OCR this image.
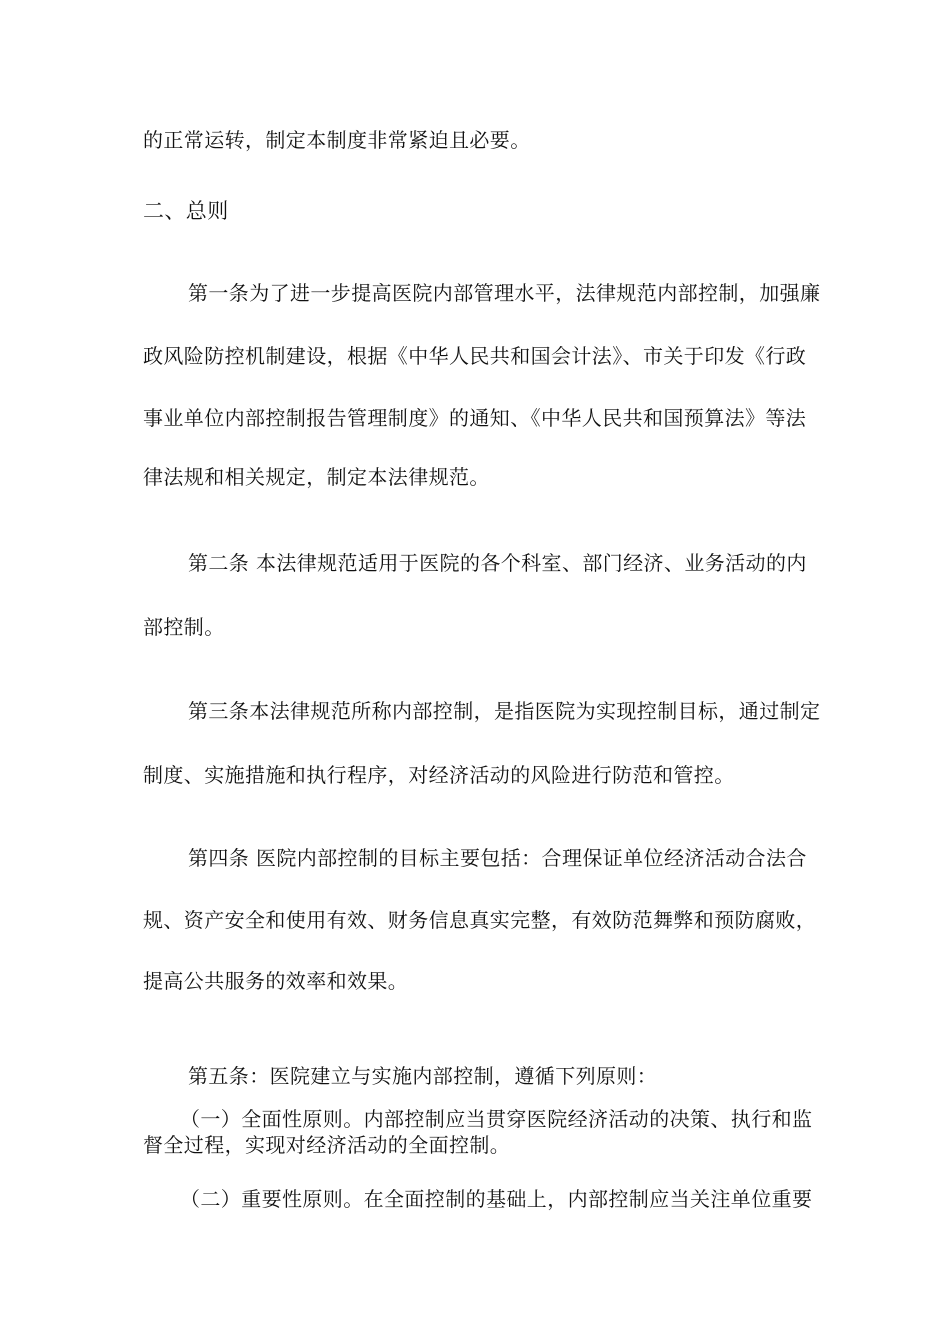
的正常运转，制定本制度非常紧迫且必要。
二、总则
第一条为了进一步提高医院内部管理水平，法律规范内部控制，加强廉
政风险防控机制建设，根据《中华人民共和国会计法》、市关于印发《行政
事业单位内部控制报告管理制度》的通知、《中华人民共和国预算法》等法
律法规和相关规定，制定本法律规范。
第二条 本法律规范适用于医院的各个科室、部门经济、业务活动的内
部控制。
第三条本法律规范所称内部控制，是指医院为实现控制目标，通过制定
制度、实施措施和执行程序，对经济活动的风险进行防范和管控。
第四条 医院内部控制的目标主要包括：合理保证单位经济活动合法合
规、资产安全和使用有效、财务信息真实完整，有效防范舞弊和预防腐败，
提高公共服务的效率和效果。
第五条：医院建立与实施内部控制，遵循下列原则：
（一）全面性原则。内部控制应当贯穿医院经济活动的决策、执行和监
督全过程，实现对经济活动的全面控制。
（二）重要性原则。在全面控制的基础上，内部控制应当关注单位重要
